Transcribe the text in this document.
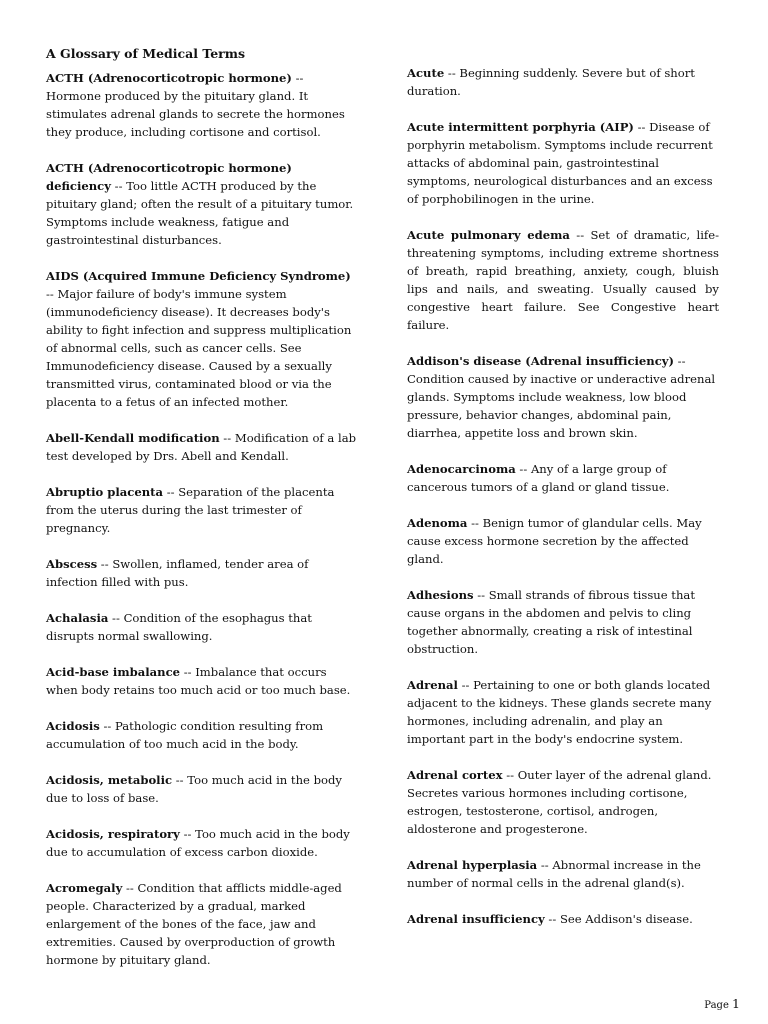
A Glossary of Medical Terms

ACTH (Adrenocorticotropic hormone) -- Hormone produced by the pituitary gland. It stimulates adrenal glands to secrete the hormones they produce, including cortisone and cortisol.

ACTH (Adrenocorticotropic hormone) deficiency -- Too little ACTH produced by the pituitary gland; often the result of a pituitary tumor. Symptoms include weakness, fatigue and gastrointestinal disturbances.

AIDS (Acquired Immune Deficiency Syndrome) -- Major failure of body's immune system (immunodeficiency disease). It decreases body's ability to fight infection and suppress multiplication of abnormal cells, such as cancer cells. See Immunodeficiency disease. Caused by a sexually transmitted virus, contaminated blood or via the placenta to a fetus of an infected mother.

Abell-Kendall modification -- Modification of a lab test developed by Drs. Abell and Kendall.

Abruptio placenta -- Separation of the placenta from the uterus during the last trimester of pregnancy.

Abscess -- Swollen, inflamed, tender area of infection filled with pus.

Achalasia -- Condition of the esophagus that disrupts normal swallowing.

Acid-base imbalance -- Imbalance that occurs when body retains too much acid or too much base.

Acidosis -- Pathologic condition resulting from accumulation of too much acid in the body.

Acidosis, metabolic -- Too much acid in the body due to loss of base.

Acidosis, respiratory -- Too much acid in the body due to accumulation of excess carbon dioxide.

Acromegaly -- Condition that afflicts middle-aged people. Characterized by a gradual, marked enlargement of the bones of the face, jaw and extremities. Caused by overproduction of growth hormone by pituitary gland.

Acute -- Beginning suddenly. Severe but of short duration.

Acute intermittent porphyria (AIP) -- Disease of porphyrin metabolism. Symptoms include recurrent attacks of abdominal pain, gastrointestinal symptoms, neurological disturbances and an excess of porphobilinogen in the urine.

Acute pulmonary edema -- Set of dramatic, life-threatening symptoms, including extreme shortness of breath, rapid breathing, anxiety, cough, bluish lips and nails, and sweating. Usually caused by congestive heart failure. See Congestive heart failure.

Addison's disease (Adrenal insufficiency) -- Condition caused by inactive or underactive adrenal glands. Symptoms include weakness, low blood pressure, behavior changes, abdominal pain, diarrhea, appetite loss and brown skin.

Adenocarcinoma -- Any of a large group of cancerous tumors of a gland or gland tissue.

Adenoma -- Benign tumor of glandular cells. May cause excess hormone secretion by the affected gland.

Adhesions -- Small strands of fibrous tissue that cause organs in the abdomen and pelvis to cling together abnormally, creating a risk of intestinal obstruction.

Adrenal -- Pertaining to one or both glands located adjacent to the kidneys. These glands secrete many hormones, including adrenalin, and play an important part in the body's endocrine system.

Adrenal cortex -- Outer layer of the adrenal gland. Secretes various hormones including cortisone, estrogen, testosterone, cortisol, androgen, aldosterone and progesterone.

Adrenal hyperplasia -- Abnormal increase in the number of normal cells in the adrenal gland(s).

Adrenal insufficiency -- See Addison's disease.

Page 1
